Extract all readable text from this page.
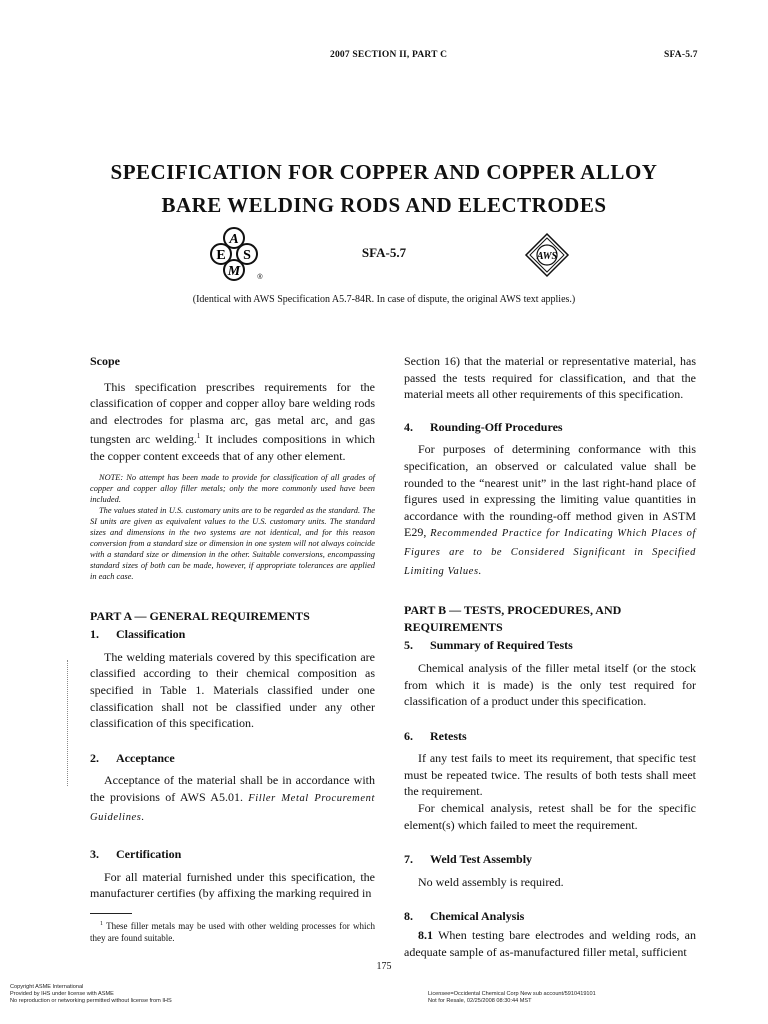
2007 SECTION II, PART C	SFA-5.7
SPECIFICATION FOR COPPER AND COPPER ALLOY
BARE WELDING RODS AND ELECTRODES
A
E S
M ®
SFA-5.7	AWS
(Identical with AWS Specification A5.7-84R. In case of dispute, the original AWS text applies.)
Scope

This specification prescribes requirements for the classification of copper and copper alloy bare welding rods and electrodes for plasma arc, gas metal arc, and gas tungsten arc welding.$^1$ It includes compositions in which the copper content exceeds that of any other element.

NOTE: No attempt has been made to provide for classification of all grades of copper and copper alloy filler metals; only the more commonly used have been included.

The values stated in U.S. customary units are to be regarded as the standard. The SI units are given as equivalent values to the U.S. customary units. The standard sizes and dimensions in the two systems are not identical, and for this reason conversion from a standard size or dimension in one system will not always coincide with a standard size or dimension in the other. Suitable conversions, encompassing standard sizes of both can be made, however, if appropriate tolerances are applied in each case.

PART A — GENERAL REQUIREMENTS
1. Classification

The welding materials covered by this specification are classified according to their chemical composition as specified in Table 1. Materials classified under one classification shall not be classified under any other classification of this specification.

2. Acceptance

Acceptance of the material shall be in accordance with the provisions of AWS A5.01. Filler Metal Procurement Guidelines.

3. Certification

For all material furnished under this specification, the manufacturer certifies (by affixing the marking required in

$^1$ These filler metals may be used with other welding processes for which they are found suitable.

Section 16) that the material or representative material, has passed the tests required for classification, and that the material meets all other requirements of this specification.

4. Rounding-Off Procedures

For purposes of determining conformance with this specification, an observed or calculated value shall be rounded to the “nearest unit” in the last right-hand place of figures used in expressing the limiting value quantities in accordance with the rounding-off method given in ASTM E29, Recommended Practice for Indicating Which Places of Figures are to be Considered Significant in Specified Limiting Values.

PART B — TESTS, PROCEDURES, AND
REQUIREMENTS
5. Summary of Required Tests

Chemical analysis of the filler metal itself (or the stock from which it is made) is the only test required for classification of a product under this specification.

6. Retests

If any test fails to meet its requirement, that specific test must be repeated twice. The results of both tests shall meet the requirement.

For chemical analysis, retest shall be for the specific element(s) which failed to meet the requirement.

7. Weld Test Assembly

No weld assembly is required.

8. Chemical Analysis

8.1 When testing bare electrodes and welding rods, an adequate sample of as-manufactured filler metal, sufficient

175
Copyright ASME International
Provided by IHS under license with ASME
No reproduction or networking permitted without license from IHS
Licensee=Occidental Chemical Corp New sub account/5910419101
Not for Resale, 02/25/2008 08:30:44 MST
